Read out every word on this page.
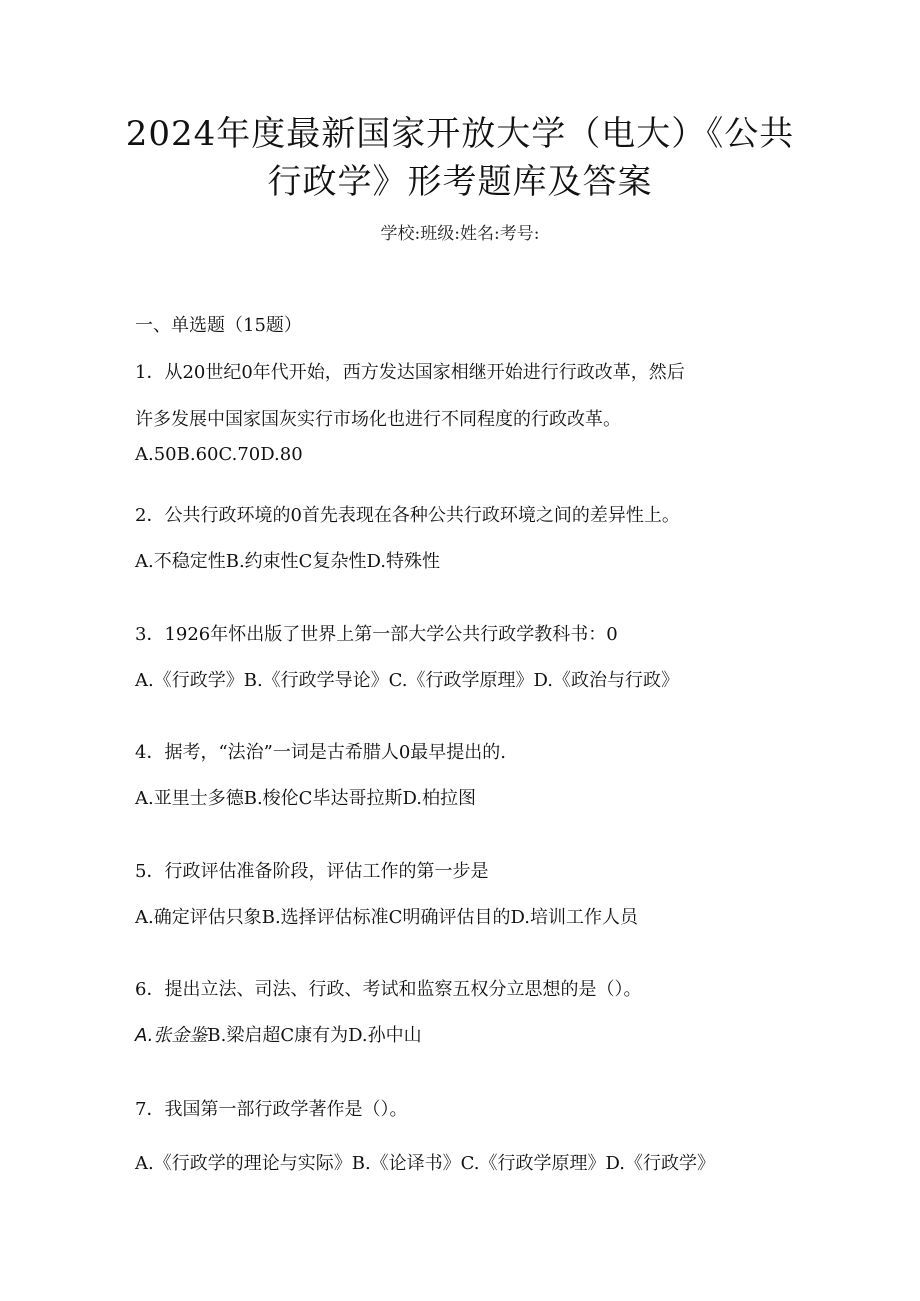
2024年度最新国家开放大学（电大）《公共
行政学》形考题库及答案
学校:班级:姓名:考号:
一、单选题（15题）
1．从20世纪0年代开始，西方发达国家相继开始进行行政改革，然后
许多发展中国家国灰实行市场化也进行不同程度的行政改革。
A.50B.60C.70D.80
2．公共行政环境的0首先表现在各种公共行政环境之间的差异性上。
A.不稳定性B.约束性C复杂性D.特殊性
3．1926年怀出版了世界上第一部大学公共行政学教科书：0
A.《行政学》B.《行政学导论》C.《行政学原理》D.《政治与行政》
4．据考，“法治”一词是古希腊人0最早提出的.
A.亚里士多德B.梭伦C毕达哥拉斯D.柏拉图
5．行政评估准备阶段，评估工作的第一步是
A.确定评估只象B.选择评估标准C明确评估目的D.培训工作人员
6．提出立法、司法、行政、考试和监察五权分立思想的是（）。
A.张金鉴B.梁启超C康有为D.孙中山
7．我国第一部行政学著作是（）。
A.《行政学的理论与实际》B.《论译书》C.《行政学原理》D.《行政学》
